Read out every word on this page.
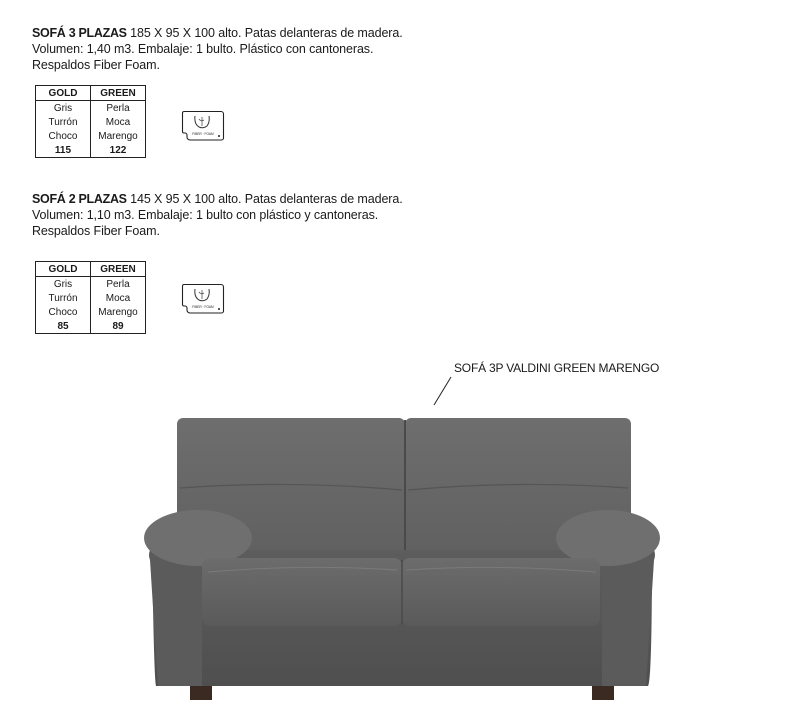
SOFÁ 3 PLAZAS 185 X 95 X 100 alto. Patas delanteras de madera.
Volumen: 1,40 m3. Embalaje: 1 bulto. Plástico con cantoneras.
Respaldos Fiber Foam.
GOLD	GREEN
Gris	Perla
Turrón	Moca
Choco	Marengo
115	122
FIBER · FOAM
SOFÁ 2 PLAZAS 145 X 95 X 100 alto. Patas delanteras de madera.
Volumen: 1,10 m3. Embalaje: 1 bulto con plástico y cantoneras.
Respaldos Fiber Foam.
GOLD	GREEN
Gris	Perla
Turrón	Moca
Choco	Marengo
85	89
FIBER · FOAM
SOFÁ 3P VALDINI GREEN MARENGO
